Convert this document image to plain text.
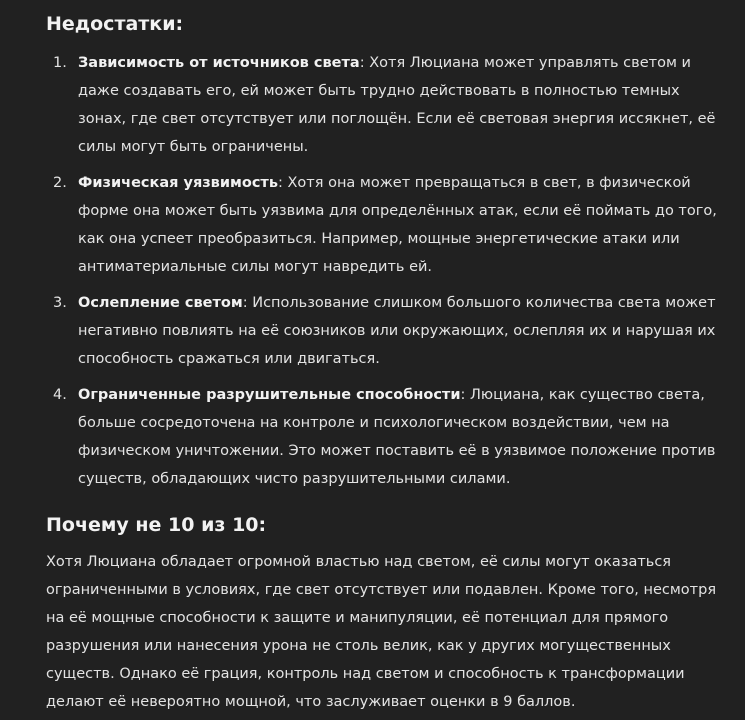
Недостатки:
1. Зависимость от источников света: Хотя Люциана может управлять светом и даже создавать его, ей может быть трудно действовать в полностью темных зонах, где свет отсутствует или поглощён. Если её световая энергия иссякнет, её силы могут быть ограничены.
2. Физическая уязвимость: Хотя она может превращаться в свет, в физической форме она может быть уязвима для определённых атак, если её поймать до того, как она успеет преобразиться. Например, мощные энергетические атаки или антиматериальные силы могут навредить ей.
3. Ослепление светом: Использование слишком большого количества света может негативно повлиять на её союзников или окружающих, ослепляя их и нарушая их способность сражаться или двигаться.
4. Ограниченные разрушительные способности: Люциана, как существо света, больше сосредоточена на контроле и психологическом воздействии, чем на физическом уничтожении. Это может поставить её в уязвимое положение против существ, обладающих чисто разрушительными силами.
Почему не 10 из 10:

Хотя Люциана обладает огромной властью над светом, её силы могут оказаться ограниченными в условиях, где свет отсутствует или подавлен. Кроме того, несмотря на её мощные способности к защите и манипуляции, её потенциал для прямого разрушения или нанесения урона не столь велик, как у других могущественных существ. Однако её грация, контроль над светом и способность к трансформации делают её невероятно мощной, что заслуживает оценки в 9 баллов.
